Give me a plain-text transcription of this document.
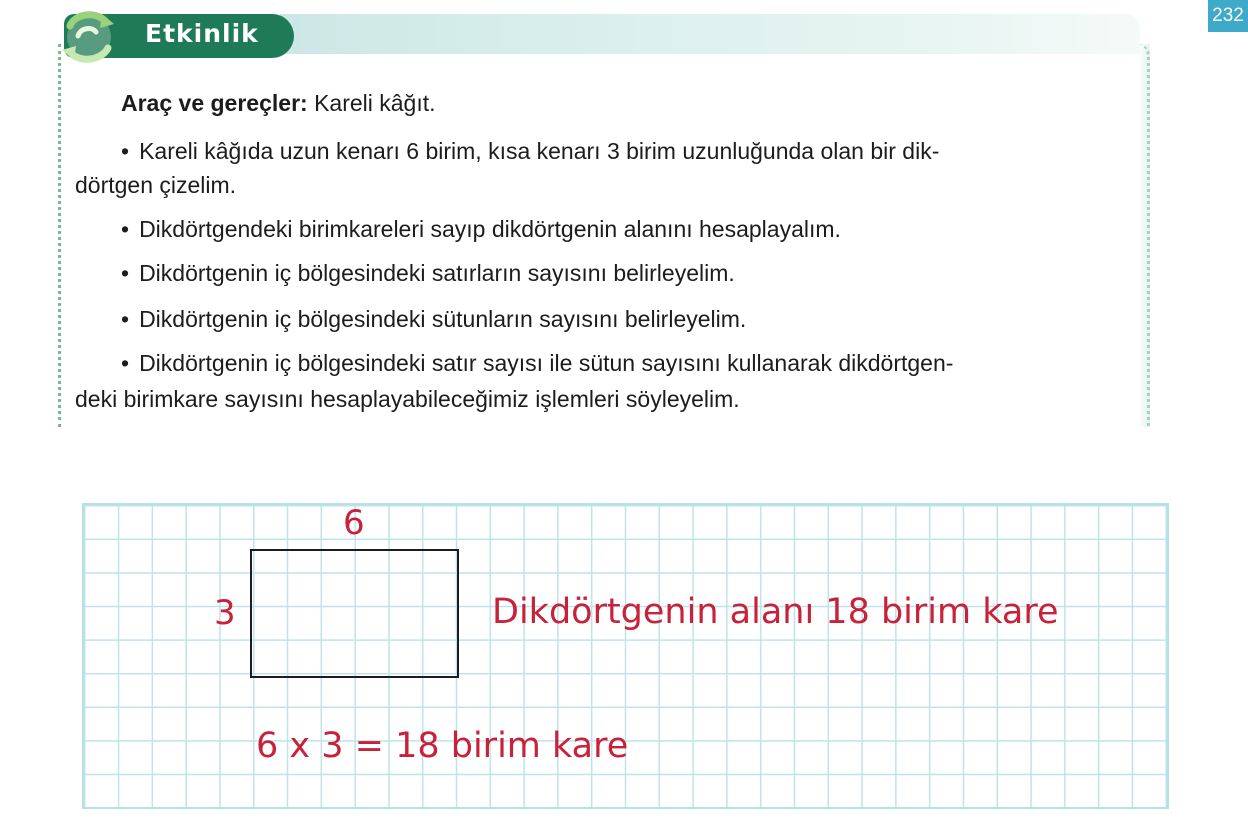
232
Etkinlik
Araç ve gereçler: Kareli kâğıt.
• Kareli kâğıda uzun kenarı 6 birim, kısa kenarı 3 birim uzunluğunda olan bir dik-
dörtgen çizelim.
• Dikdörtgendeki birimkareleri sayıp dikdörtgenin alanını hesaplayalım.
• Dikdörtgenin iç bölgesindeki satırların sayısını belirleyelim.
• Dikdörtgenin iç bölgesindeki sütunların sayısını belirleyelim.
• Dikdörtgenin iç bölgesindeki satır sayısı ile sütun sayısını kullanarak dikdörtgen-
deki birimkare sayısını hesaplayabileceğimiz işlemleri söyleyelim.
6
3	Dikdörtgenin alanı 18 birim kare
6 x 3 = 18 birim kare
